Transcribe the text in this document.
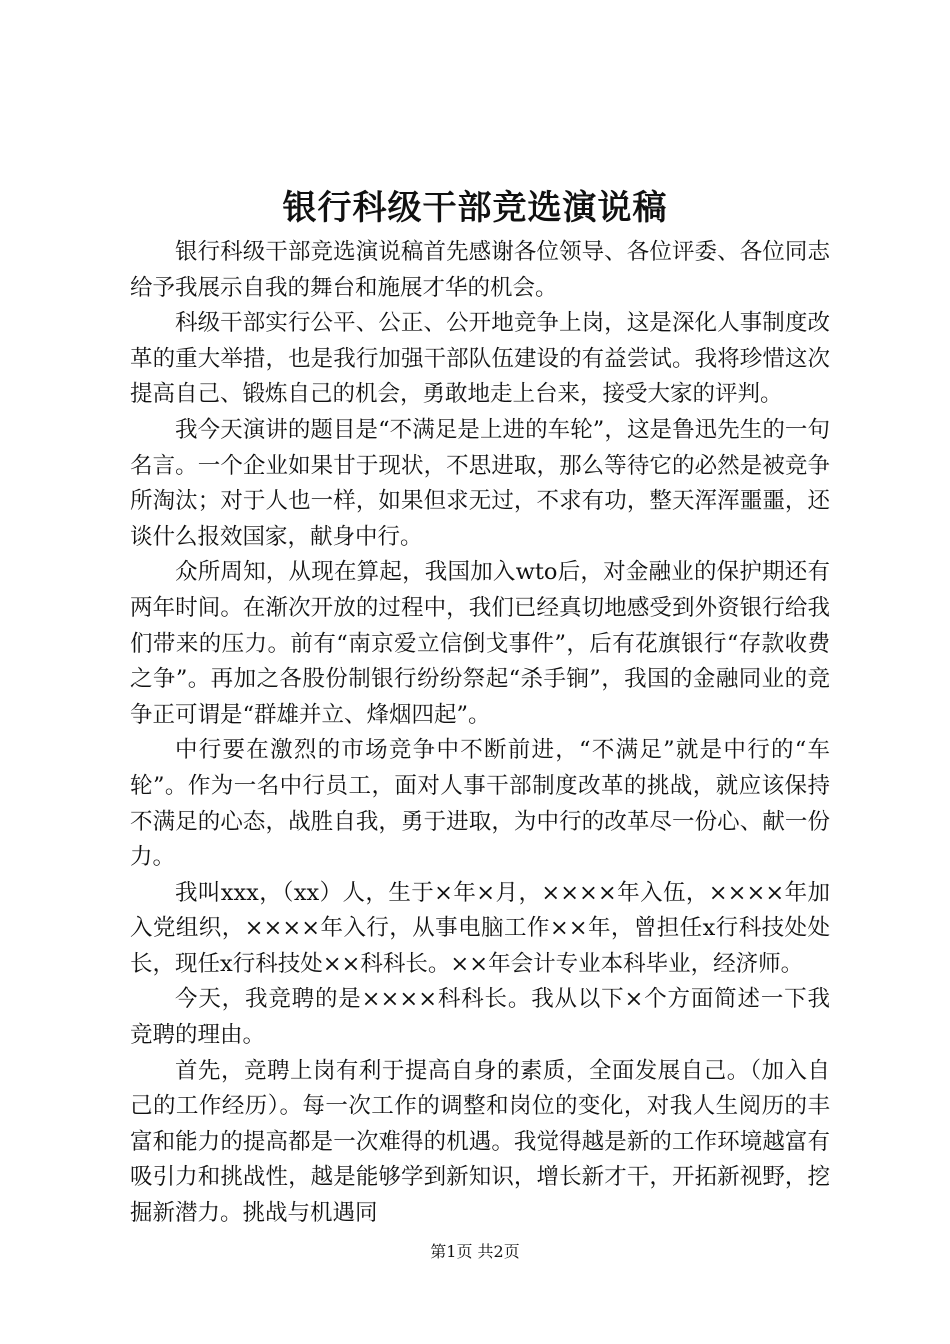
银行科级干部竞选演说稿

银行科级干部竞选演说稿首先感谢各位领导、各位评委、各位同志给予我展示自我的舞台和施展才华的机会。

科级干部实行公平、公正、公开地竞争上岗，这是深化人事制度改革的重大举措，也是我行加强干部队伍建设的有益尝试。我将珍惜这次提高自己、锻炼自己的机会，勇敢地走上台来，接受大家的评判。

我今天演讲的题目是“不满足是上进的车轮”，这是鲁迅先生的一句名言。一个企业如果甘于现状，不思进取，那么等待它的必然是被竞争所淘汰；对于人也一样，如果但求无过，不求有功，整天浑浑噩噩，还谈什么报效国家，献身中行。

众所周知，从现在算起，我国加入wto后，对金融业的保护期还有两年时间。在渐次开放的过程中，我们已经真切地感受到外资银行给我们带来的压力。前有“南京爱立信倒戈事件”，后有花旗银行“存款收费之争”。再加之各股份制银行纷纷祭起“杀手锏”，我国的金融同业的竞争正可谓是“群雄并立、烽烟四起”。

中行要在激烈的市场竞争中不断前进，“不满足”就是中行的“车轮”。作为一名中行员工，面对人事干部制度改革的挑战，就应该保持不满足的心态，战胜自我，勇于进取，为中行的改革尽一份心、献一份力。

我叫xxx，（xx）人，生于×年×月，××××年入伍，××××年加入党组织，××××年入行，从事电脑工作××年，曾担任x行科技处处长，现任x行科技处××科科长。××年会计专业本科毕业，经济师。

今天，我竞聘的是××××科科长。我从以下×个方面简述一下我竞聘的理由。

首先，竞聘上岗有利于提高自身的素质，全面发展自己。（加入自己的工作经历）。每一次工作的调整和岗位的变化，对我人生阅历的丰富和能力的提高都是一次难得的机遇。我觉得越是新的工作环境越富有吸引力和挑战性，越是能够学到新知识，增长新才干，开拓新视野，挖掘新潜力。挑战与机遇同

第1页 共2页
